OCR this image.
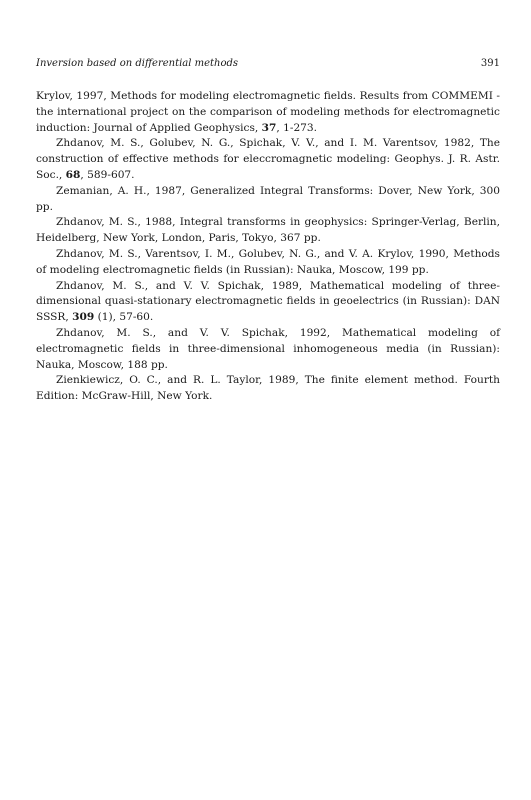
Inversion based on differential methods	391

Krylov, 1997, Methods for modeling electromagnetic fields. Results from COMMEMI - the international project on the comparison of modeling methods for electromagnetic induction: Journal of Applied Geophysics, 37, 1-273.

Zhdanov, M. S., Golubev, N. G., Spichak, V. V., and I. M. Varentsov, 1982, The construction of effective methods for eleccromagnetic modeling: Geophys. J. R. Astr. Soc., 68, 589-607.

Zemanian, A. H., 1987, Generalized Integral Transforms: Dover, New York, 300 pp.

Zhdanov, M. S., 1988, Integral transforms in geophysics: Springer-Verlag, Berlin, Heidelberg, New York, London, Paris, Tokyo, 367 pp.

Zhdanov, M. S., Varentsov, I. M., Golubev, N. G., and V. A. Krylov, 1990, Methods of modeling electromagnetic fields (in Russian): Nauka, Moscow, 199 pp.

Zhdanov, M. S., and V. V. Spichak, 1989, Mathematical modeling of three-dimensional quasi-stationary electromagnetic fields in geoelectrics (in Russian): DAN SSSR, 309 (1), 57-60.

Zhdanov, M. S., and V. V. Spichak, 1992, Mathematical modeling of electromagnetic fields in three-dimensional inhomogeneous media (in Russian): Nauka, Moscow, 188 pp.

Zienkiewicz, O. C., and R. L. Taylor, 1989, The finite element method. Fourth Edition: McGraw-Hill, New York.
